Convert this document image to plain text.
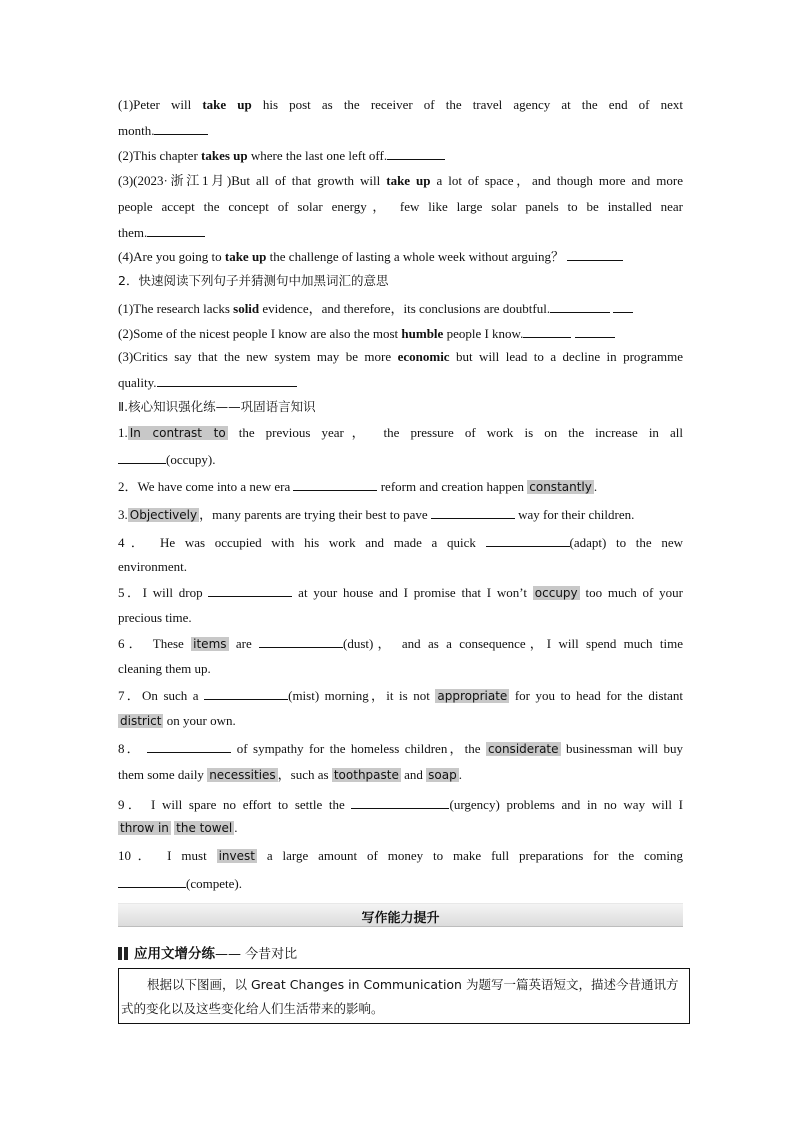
(1)Peter will take up his post as the receiver of the travel agency at the end of next
month.
(2)This chapter takes up where the last one left off.
(3)(2023·浙江1月)But all of that growth will take up a lot of space，and though more and more
people accept the concept of solar energy， few like large solar panels to be installed near
them.
(4)Are you going to take up the challenge of lasting a whole week without arguing？
2．快速阅读下列句子并猜测句中加黑词汇的意思
(1)The research lacks solid evidence，and therefore，its conclusions are doubtful.
(2)Some of the nicest people I know are also the most humble people I know.
(3)Critics say that the new system may be more economic but will lead to a decline in programme
quality.
Ⅱ.核心知识强化练——巩固语言知识
1. In contrast to the previous year， the pressure of work is on the increase in all
(occupy).
2．We have come into a new era	reform and creation happen constantly .
3. Objectively ，many parents are trying their best to pave	way for their children.
4． He was occupied with his work and made a quick	(adapt) to the new
environment.
5．I will drop	at your house and I promise that I won’t occupy too much of your
precious time.
6． These items are	(dust)， and as a consequence，I will spend much time
cleaning them up.
7．On such a	(mist) morning，it is not appropriate for you to head for the distant
district on your own.
8．	of sympathy for the homeless children，the considerate businessman will buy
them some daily necessities ，such as toothpaste and soap .
9． I will spare no effort to settle the	(urgency) problems and in no way will I
throw in the towel .
10． I must invest a large amount of money to make full preparations for the coming
(compete).
写作能力提升
应用文增分练—— 今昔对比
根据以下图画，以 Great Changes in Communication 为题写一篇英语短文，描述今昔通讯方式的变化以及这些变化给人们生活带来的影响。
